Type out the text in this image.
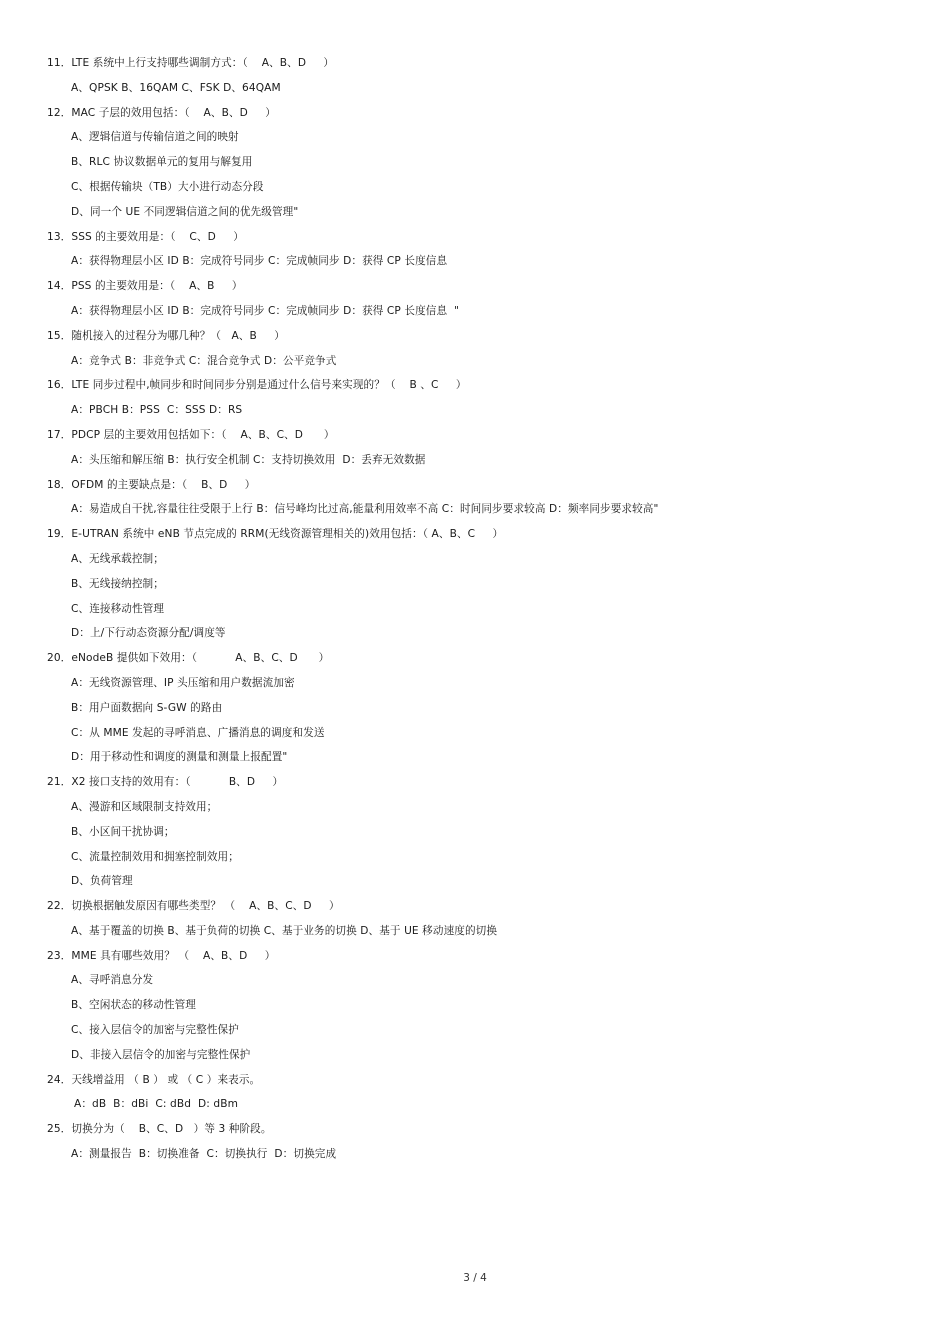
11．LTE 系统中上行支持哪些调制方式：（    A、B、D     ）
A、QPSK B、16QAM C、FSK D、64QAM
12．MAC 子层的效用包括：（    A、B、D     ）
A、逻辑信道与传输信道之间的映射
B、RLC 协议数据单元的复用与解复用
C、根据传输块（TB）大小进行动态分段
D、同一个 UE 不同逻辑信道之间的优先级管理"
13．SSS 的主要效用是：（    C、D     ）
A：获得物理层小区 ID B：完成符号同步 C：完成帧同步 D：获得 CP 长度信息
14．PSS 的主要效用是：（    A、B     ）
A：获得物理层小区 ID B：完成符号同步 C：完成帧同步 D：获得 CP 长度信息  "
15．随机接入的过程分为哪几种？（   A、B     ）
A：竞争式 B：非竞争式 C：混合竞争式 D：公平竞争式
16．LTE 同步过程中,帧同步和时间同步分别是通过什么信号来实现的？（    B 、C     ）
A：PBCH B：PSS  C：SSS D：RS
17．PDCP 层的主要效用包括如下：（    A、B、C、D      ）
A：头压缩和解压缩 B：执行安全机制 C：支持切换效用  D：丢弃无效数据
18．OFDM 的主要缺点是：（    B、D     ）
A：易造成自干扰,容量往往受限于上行 B：信号峰均比过高,能量利用效率不高 C：时间同步要求较高 D：频率同步要求较高"
19．E-UTRAN 系统中 eNB 节点完成的 RRM(无线资源管理相关的)效用包括：（ A、B、C     ）
A、无线承载控制；
B、无线接纳控制；
C、连接移动性管理
D：上/下行动态资源分配/调度等
20．eNodeB 提供如下效用：（           A、B、C、D      ）
A：无线资源管理、IP 头压缩和用户数据流加密
B：用户面数据向 S-GW 的路由
C：从 MME 发起的寻呼消息、广播消息的调度和发送
D：用于移动性和调度的测量和测量上报配置"
21．X2 接口支持的效用有：（           B、D     ）
A、漫游和区域限制支持效用；
B、小区间干扰协调；
C、流量控制效用和拥塞控制效用；
D、负荷管理
22．切换根据触发原因有哪些类型？ （    A、B、C、D     ）
A、基于覆盖的切换 B、基于负荷的切换 C、基于业务的切换 D、基于 UE 移动速度的切换
23．MME 具有哪些效用？ （    A、B、D     ）
A、寻呼消息分发
B、空闲状态的移动性管理
C、接入层信令的加密与完整性保护
D、非接入层信令的加密与完整性保护
24．天线增益用 （ B ） 或 （ C ）来表示。
A：dB  B：dBi  C: dBd  D: dBm
25．切换分为（    B、C、D   ）等 3 种阶段。
A：测量报告  B：切换准备  C：切换执行  D：切换完成
3 / 4
